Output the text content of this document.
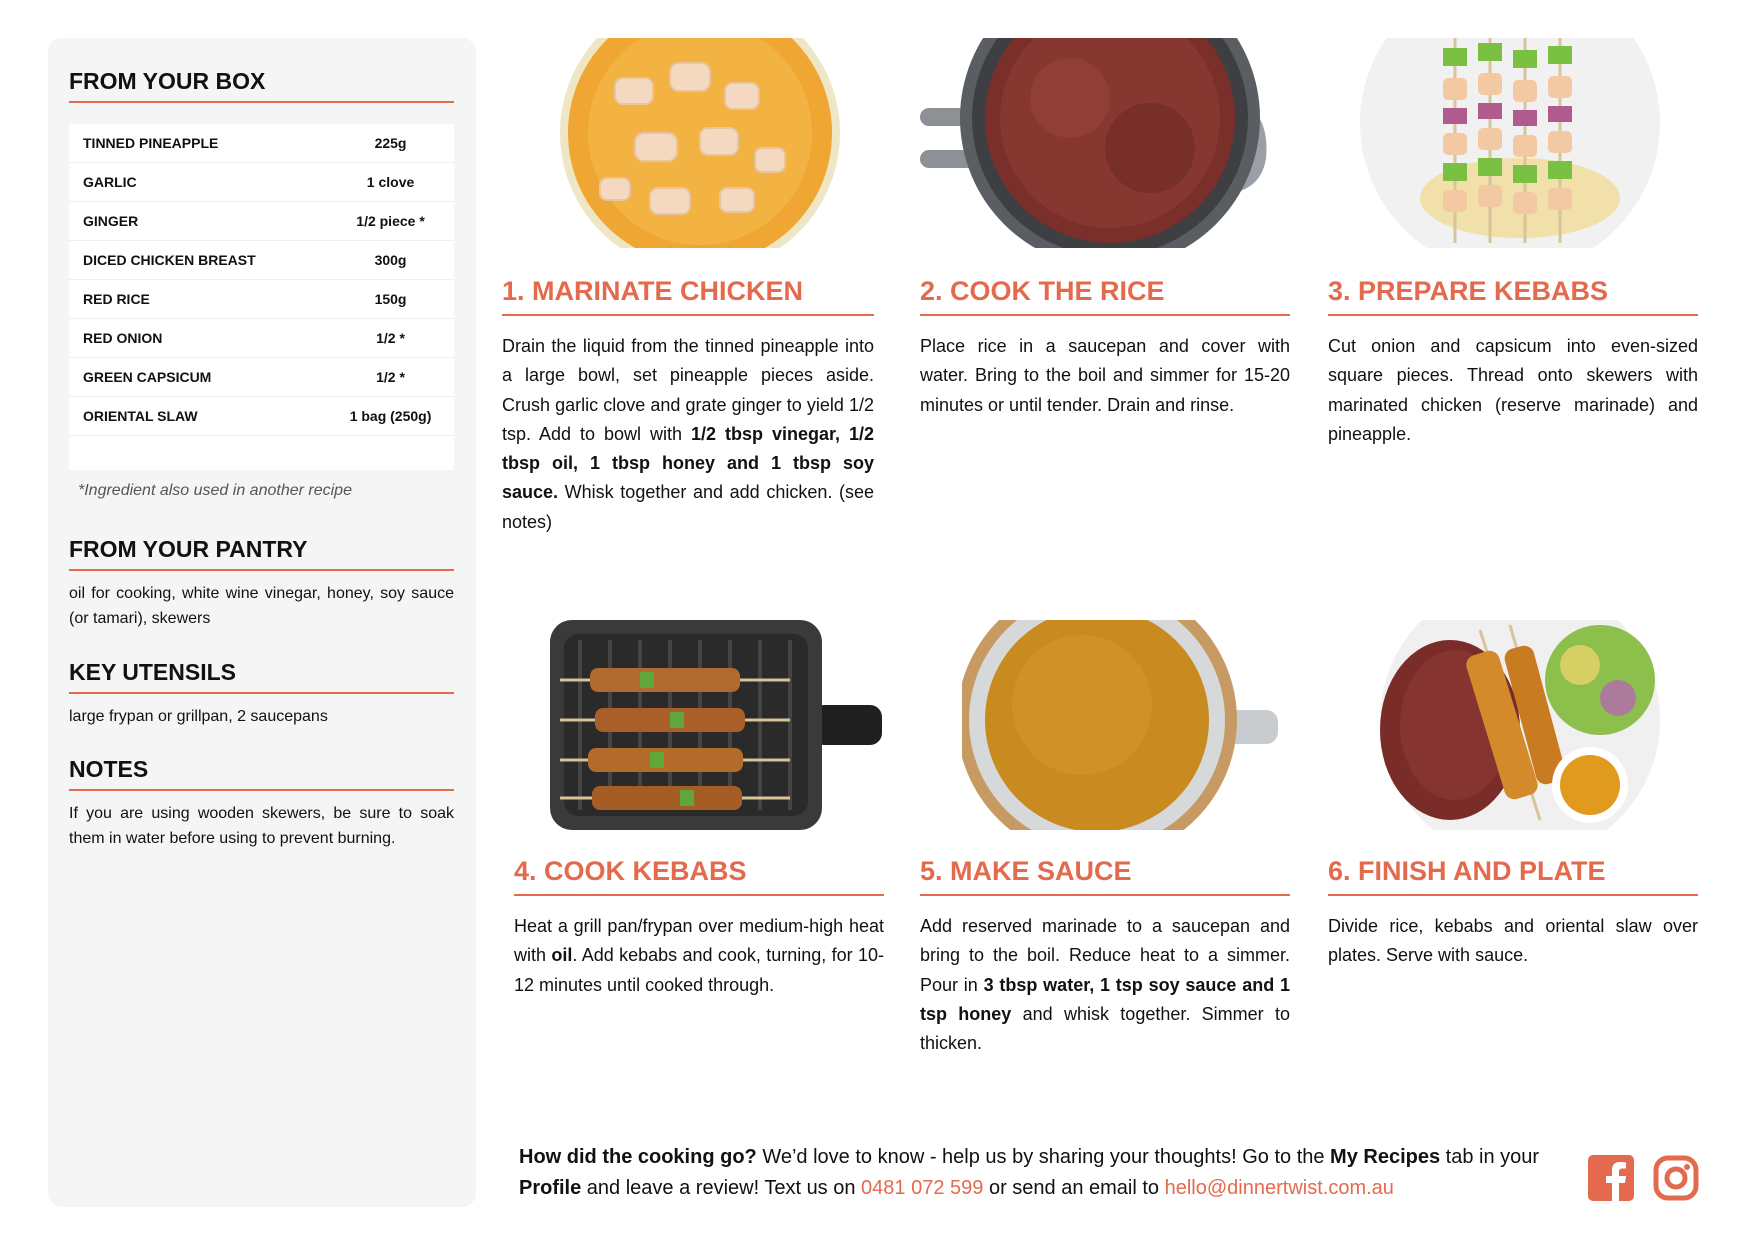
FROM YOUR BOX
TINNED PINEAPPLE	225g
GARLIC	1 clove
GINGER	1/2 piece *
DICED CHICKEN BREAST	300g
RED RICE	150g
RED ONION	1/2 *
GREEN CAPSICUM	1/2 *
ORIENTAL SLAW	1 bag (250g)
*Ingredient also used in another recipe
FROM YOUR PANTRY
oil for cooking, white wine vinegar, honey, soy sauce (or tamari), skewers
KEY UTENSILS
large frypan or grillpan, 2 saucepans
NOTES
If you are using wooden skewers, be sure to soak them in water before using to prevent burning.
1. MARINATE CHICKEN
Drain the liquid from the tinned pineapple into a large bowl, set pineapple pieces aside. Crush garlic clove and grate ginger to yield 1/2 tsp. Add to bowl with 1/2 tbsp vinegar, 1/2 tbsp oil, 1 tbsp honey and 1 tbsp soy sauce. Whisk together and add chicken. (see notes)
2. COOK THE RICE
Place rice in a saucepan and cover with water. Bring to the boil and simmer for 15-20 minutes or until tender. Drain and rinse.
3. PREPARE KEBABS
Cut onion and capsicum into even-sized square pieces. Thread onto skewers with marinated chicken (reserve marinade) and pineapple.
4. COOK KEBABS
Heat a grill pan/frypan over medium-high heat with oil. Add kebabs and cook, turning, for 10-12 minutes until cooked through.
5. MAKE SAUCE
Add reserved marinade to a saucepan and bring to the boil. Reduce heat to a simmer. Pour in 3 tbsp water, 1 tsp soy sauce and 1 tsp honey and whisk together. Simmer to thicken.
6. FINISH AND PLATE
Divide rice, kebabs and oriental slaw over plates. Serve with sauce.
How did the cooking go? We’d love to know - help us by sharing your thoughts! Go to the My Recipes tab in your Profile and leave a review! Text us on 0481 072 599 or send an email to hello@dinnertwist.com.au
